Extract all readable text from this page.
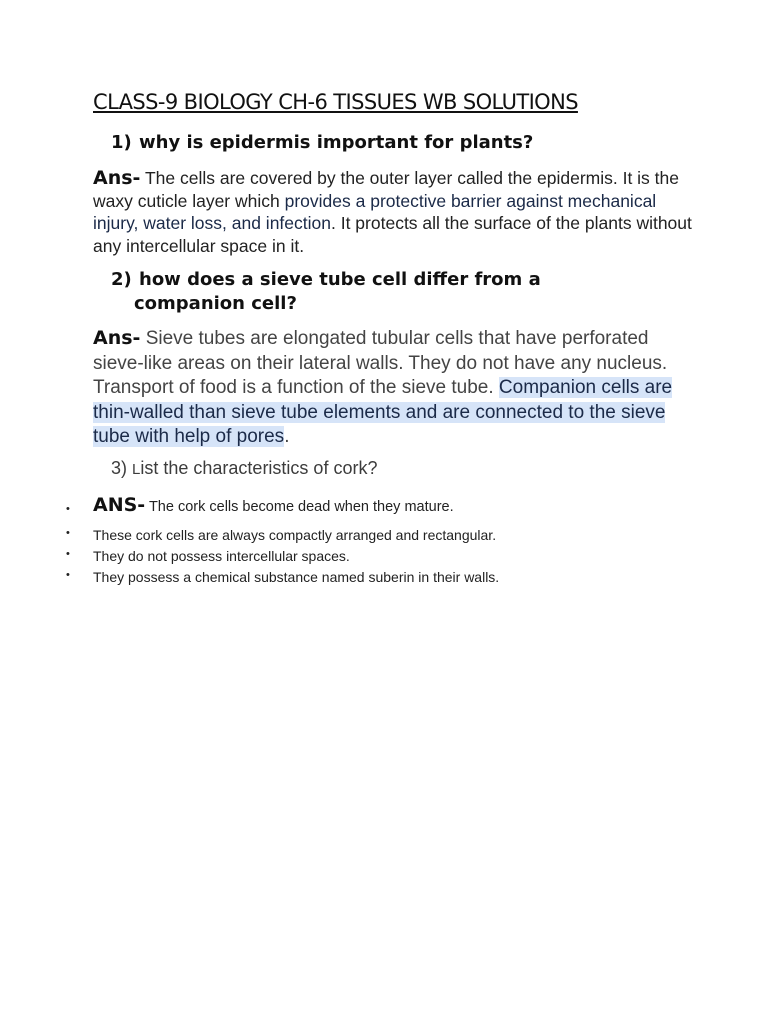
CLASS-9 BIOLOGY CH-6 TISSUES WB SOLUTIONS
1) why is epidermis important for plants?
Ans- The cells are covered by the outer layer called the epidermis. It is the waxy cuticle layer which provides a protective barrier against mechanical injury, water loss, and infection. It protects all the surface of the plants without any intercellular space in it.
2) how does a sieve tube cell differ from a
companion cell?
Ans- Sieve tubes are elongated tubular cells that have perforated sieve-like areas on their lateral walls. They do not have any nucleus. Transport of food is a function of the sieve tube. Companion cells are thin-walled than sieve tube elements and are connected to the sieve tube with help of pores.
3) List the characteristics of cork?
• ANS- The cork cells become dead when they mature.
• These cork cells are always compactly arranged and rectangular.
• They do not possess intercellular spaces.
• They possess a chemical substance named suberin in their walls.
